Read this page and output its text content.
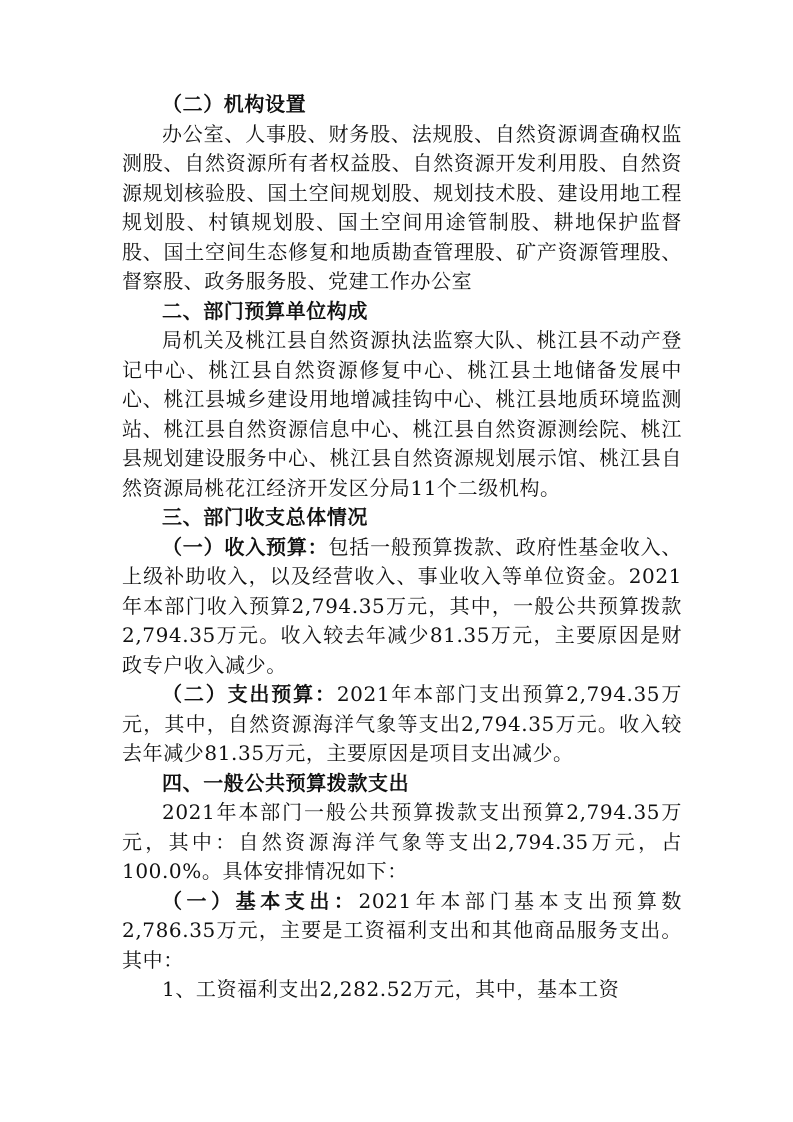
（二）机构设置

办公室、人事股、财务股、法规股、自然资源调查确权监测股、自然资源所有者权益股、自然资源开发利用股、自然资源规划核验股、国土空间规划股、规划技术股、建设用地工程规划股、村镇规划股、国土空间用途管制股、耕地保护监督股、国土空间生态修复和地质勘查管理股、矿产资源管理股、督察股、政务服务股、党建工作办公室

二、部门预算单位构成

局机关及桃江县自然资源执法监察大队、桃江县不动产登记中心、桃江县自然资源修复中心、桃江县土地储备发展中心、桃江县城乡建设用地增减挂钩中心、桃江县地质环境监测站、桃江县自然资源信息中心、桃江县自然资源测绘院、桃江县规划建设服务中心、桃江县自然资源规划展示馆、桃江县自然资源局桃花江经济开发区分局11个二级机构。

三、部门收支总体情况

（一）收入预算：包括一般预算拨款、政府性基金收入、上级补助收入，以及经营收入、事业收入等单位资金。2021年本部门收入预算2,794.35万元，其中，一般公共预算拨款2,794.35万元。收入较去年减少81.35万元，主要原因是财政专户收入减少。

（二）支出预算：2021年本部门支出预算2,794.35万元，其中，自然资源海洋气象等支出2,794.35万元。收入较去年减少81.35万元，主要原因是项目支出减少。

四、一般公共预算拨款支出

2021年本部门一般公共预算拨款支出预算2,794.35万元，其中：自然资源海洋气象等支出2,794.35万元，占100.0%。具体安排情况如下：

（一）基本支出：2021年本部门基本支出预算数2,786.35万元，主要是工资福利支出和其他商品服务支出。其中：

1、工资福利支出2,282.52万元，其中，基本工资
